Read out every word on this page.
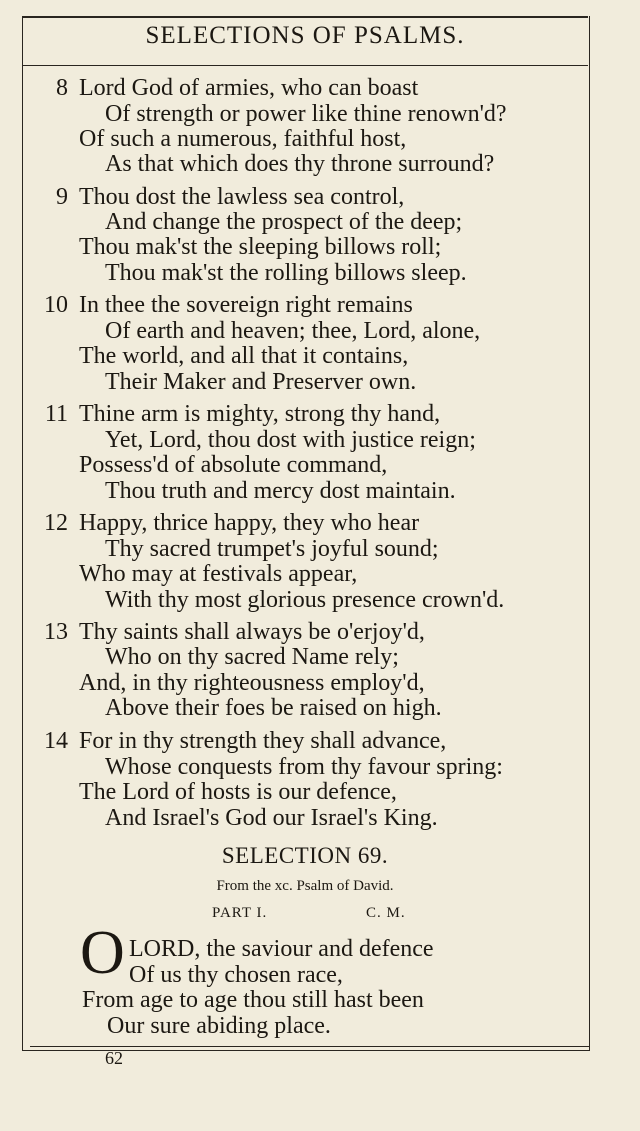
SELECTIONS OF PSALMS.
8 Lord God of armies, who can boast
Of strength or power like thine renown'd?
Of such a numerous, faithful host,
As that which does thy throne surround?
9 Thou dost the lawless sea control,
And change the prospect of the deep;
Thou mak'st the sleeping billows roll;
Thou mak'st the rolling billows sleep.
10 In thee the sovereign right remains
Of earth and heaven; thee, Lord, alone,
The world, and all that it contains,
Their Maker and Preserver own.
11 Thine arm is mighty, strong thy hand,
Yet, Lord, thou dost with justice reign;
Possess'd of absolute command,
Thou truth and mercy dost maintain.
12 Happy, thrice happy, they who hear
Thy sacred trumpet's joyful sound;
Who may at festivals appear,
With thy most glorious presence crown'd.
13 Thy saints shall always be o'erjoy'd,
Who on thy sacred Name rely;
And, in thy righteousness employ'd,
Above their foes be raised on high.
14 For in thy strength they shall advance,
Whose conquests from thy favour spring:
The Lord of hosts is our defence,
And Israel's God our Israel's King.
SELECTION 69.
From the xc. Psalm of David.
PART I.	C. M.
O LORD, the saviour and defence
Of us thy chosen race,
From age to age thou still hast been
Our sure abiding place.
62
